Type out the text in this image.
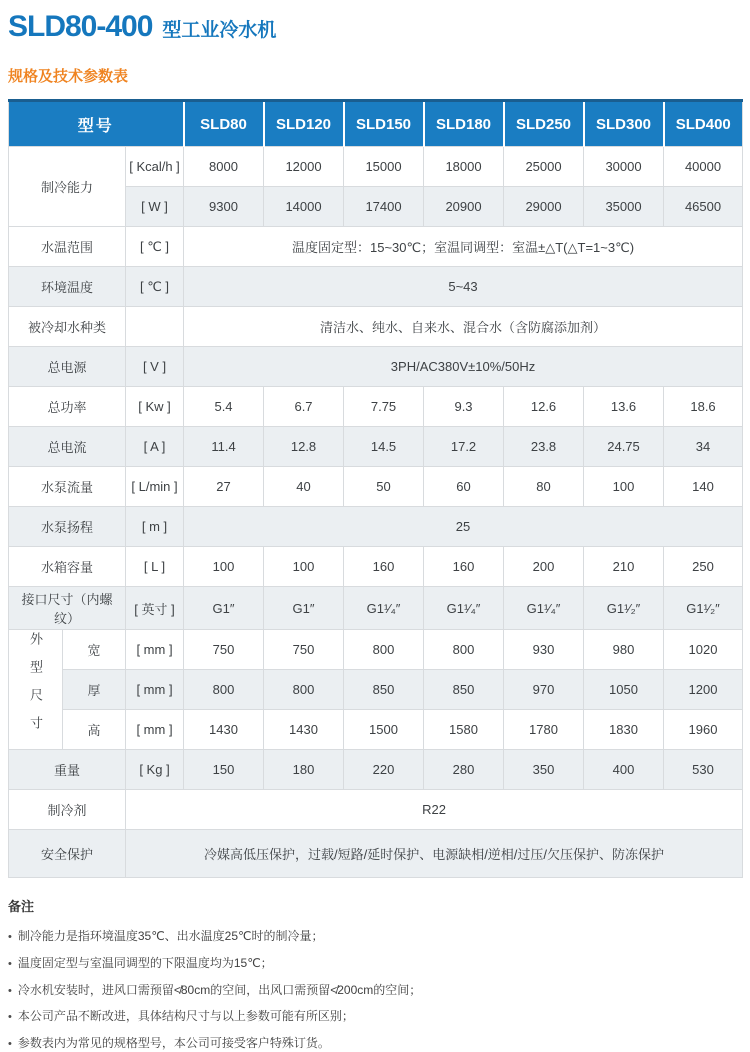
SLD80-400 型工业冷水机
规格及技术参数表
型号			SLD80	SLD120	SLD150	SLD180	SLD250	SLD300	SLD400
制冷能力		[ Kcal/h ]	8000	12000	15000	18000	25000	30000	40000
		[ W ]	9300	14000	17400	20900	29000	35000	46500
水温范围		[ ℃ ]	温度固定型：15~30℃；室温同调型：室温±△T(△T=1~3℃)						
环境温度		[ ℃ ]	5~43						
被冷却水种类			清洁水、纯水、自来水、混合水（含防腐添加剂）						
总电源		[ V ]	3PH/AC380V±10%/50Hz						
总功率		[ Kw ]	5.4	6.7	7.75	9.3	12.6	13.6	18.6
总电流		[ A ]	11.4	12.8	14.5	17.2	23.8	24.75	34
水泵流量		[ L/min ]	27	40	50	60	80	100	140
水泵扬程		[ m ]	25						
水箱容量		[ L ]	100	100	160	160	200	210	250
接口尺寸（内螺纹）		[ 英寸 ]	G1″	G1″	G1¹⁄₄″	G1¹⁄₄″	G1¹⁄₄″	G1¹⁄₂″	G1¹⁄₂″
外型尺寸	宽	[ mm ]	750	750	800	800	930	980	1020
	厚	[ mm ]	800	800	850	850	970	1050	1200
	高	[ mm ]	1430	1430	1500	1580	1780	1830	1960
重量		[ Kg ]	150	180	220	280	350	400	530
制冷剂		R22							
安全保护		冷媒高低压保护，过载/短路/延时保护、电源缺相/逆相/过压/欠压保护、防冻保护							
备注
• 制冷能力是指环境温度35℃、出水温度25℃时的制冷量；
• 温度固定型与室温同调型的下限温度均为15℃；
• 冷水机安装时，进风口需预留≮80cm的空间，出风口需预留≮200cm的空间；
• 本公司产品不断改进，具体结构尺寸与以上参数可能有所区别；
• 参数表内为常见的规格型号，本公司可接受客户特殊订货。
